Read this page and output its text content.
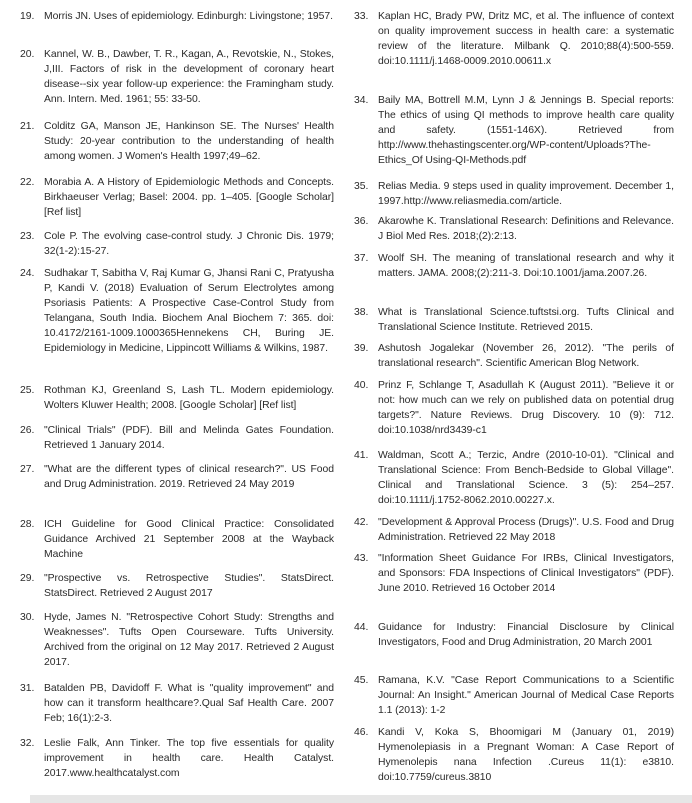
19. Morris JN. Uses of epidemiology. Edinburgh: Livingstone; 1957.
20. Kannel, W. B., Dawber, T. R., Kagan, A., Revotskie, N., Stokes, J,III. Factors of risk in the development of coronary heart disease--six year follow-up experience: the Framingham study. Ann. Intern. Med. 1961; 55: 33-50.
21. Colditz GA, Manson JE, Hankinson SE. The Nurses' Health Study: 20-year contribution to the understanding of health among women. J Women's Health 1997;49–62.
22. Morabia A. A History of Epidemiologic Methods and Concepts. Birkhaeuser Verlag; Basel: 2004. pp. 1–405. [Google Scholar] [Ref list]
23. Cole P. The evolving case-control study. J Chronic Dis. 1979; 32(1-2):15-27.
24. Sudhakar T, Sabitha V, Raj Kumar G, Jhansi Rani C, Pratyusha P, Kandi V. (2018) Evaluation of Serum Electrolytes among Psoriasis Patients: A Prospective Case-Control Study from Telangana, South India. Biochem Anal Biochem 7: 365. doi: 10.4172/2161-1009.1000365Hennekens CH, Buring JE. Epidemiology in Medicine, Lippincott Williams & Wilkins, 1987.
25. Rothman KJ, Greenland S, Lash TL. Modern epidemiology. Wolters Kluwer Health; 2008. [Google Scholar] [Ref list]
26. "Clinical Trials" (PDF). Bill and Melinda Gates Foundation. Retrieved 1 January 2014.
27. "What are the different types of clinical research?". US Food and Drug Administration. 2019. Retrieved 24 May 2019
28. ICH Guideline for Good Clinical Practice: Consolidated Guidance Archived 21 September 2008 at the Wayback Machine
29. "Prospective vs. Retrospective Studies". StatsDirect. StatsDirect. Retrieved 2 August 2017
30. Hyde, James N. "Retrospective Cohort Study: Strengths and Weaknesses". Tufts Open Courseware. Tufts University. Archived from the original on 12 May 2017. Retrieved 2 August 2017.
31. Batalden PB, Davidoff F. What is "quality improvement" and how can it transform healthcare?.Qual Saf Health Care. 2007 Feb; 16(1):2-3.
32. Leslie Falk, Ann Tinker. The top five essentials for quality improvement in health care. Health Catalyst. 2017.www.healthcatalyst.com
33. Kaplan HC, Brady PW, Dritz MC, et al. The influence of context on quality improvement success in health care: a systematic review of the literature. Milbank Q. 2010;88(4):500-559. doi:10.1111/j.1468-0009.2010.00611.x
34. Baily MA, Bottrell M.M, Lynn J & Jennings B. Special reports: The ethics of using QI methods to improve health care quality and safety. (1551-146X). Retrieved from http://www.thehastingscenter.org/WP-content/Uploads?The-Ethics_Of Using-QI-Methods.pdf
35. Relias Media. 9 steps used in quality improvement. December 1, 1997.http://www.reliasmedia.com/article.
36. Akarowhe K. Translational Research: Definitions and Relevance. J Biol Med Res. 2018;(2):2:13.
37. Woolf SH. The meaning of translational research and why it matters. JAMA. 2008;(2):211-3. Doi:10.1001/jama.2007.26.
38. What is Translational Science.tuftstsi.org. Tufts Clinical and Translational Science Institute. Retrieved 2015.
39. Ashutosh Jogalekar (November 26, 2012). "The perils of translational research". Scientific American Blog Network.
40. Prinz F, Schlange T, Asadullah K (August 2011). "Believe it or not: how much can we rely on published data on potential drug targets?". Nature Reviews. Drug Discovery. 10 (9): 712. doi:10.1038/nrd3439-c1
41. Waldman, Scott A.; Terzic, Andre (2010-10-01). "Clinical and Translational Science: From Bench-Bedside to Global Village". Clinical and Translational Science. 3 (5): 254–257. doi:10.1111/j.1752-8062.2010.00227.x.
42. "Development & Approval Process (Drugs)". U.S. Food and Drug Administration. Retrieved 22 May 2018
43. "Information Sheet Guidance For IRBs, Clinical Investigators, and Sponsors: FDA Inspections of Clinical Investigators" (PDF). June 2010. Retrieved 16 October 2014
44. Guidance for Industry: Financial Disclosure by Clinical Investigators, Food and Drug Administration, 20 March 2001
45. Ramana, K.V. "Case Report Communications to a Scientific Journal: An Insight." American Journal of Medical Case Reports 1.1 (2013): 1-2
46. Kandi V, Koka S, Bhoomigari M (January 01, 2019) Hymenolepiasis in a Pregnant Woman: A Case Report of Hymenolepis nana Infection .Cureus 11(1): e3810. doi:10.7759/cureus.3810
